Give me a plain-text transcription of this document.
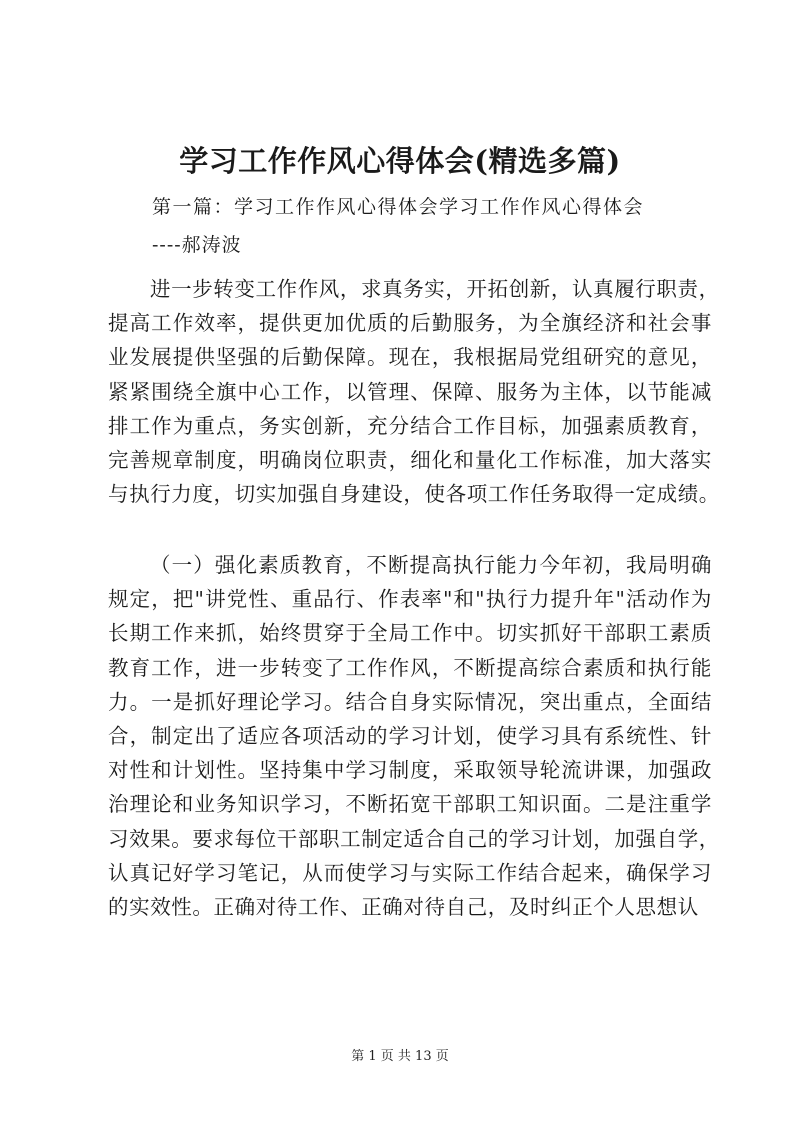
学习工作作风心得体会(精选多篇)

第一篇：学习工作作风心得体会学习工作作风心得体会

----郝涛波

进一步转变工作作风，求真务实，开拓创新，认真履行职责，
提高工作效率，提供更加优质的后勤服务，为全旗经济和社会事
业发展提供坚强的后勤保障。现在，我根据局党组研究的意见，
紧紧围绕全旗中心工作，以管理、保障、服务为主体，以节能减
排工作为重点，务实创新，充分结合工作目标，加强素质教育，
完善规章制度，明确岗位职责，细化和量化工作标准，加大落实
与执行力度，切实加强自身建设，使各项工作任务取得一定成绩。
（一）强化素质教育，不断提高执行能力今年初，我局明确
规定，把"讲党性、重品行、作表率"和"执行力提升年"活动作为
长期工作来抓，始终贯穿于全局工作中。切实抓好干部职工素质
教育工作，进一步转变了工作作风，不断提高综合素质和执行能
力。一是抓好理论学习。结合自身实际情况，突出重点，全面结
合，制定出了适应各项活动的学习计划，使学习具有系统性、针
对性和计划性。坚持集中学习制度，采取领导轮流讲课，加强政
治理论和业务知识学习，不断拓宽干部职工知识面。二是注重学
习效果。要求每位干部职工制定适合自己的学习计划，加强自学，
认真记好学习笔记，从而使学习与实际工作结合起来，确保学习
的实效性。正确对待工作、正确对待自己，及时纠正个人思想认

第 1 页 共 13 页
